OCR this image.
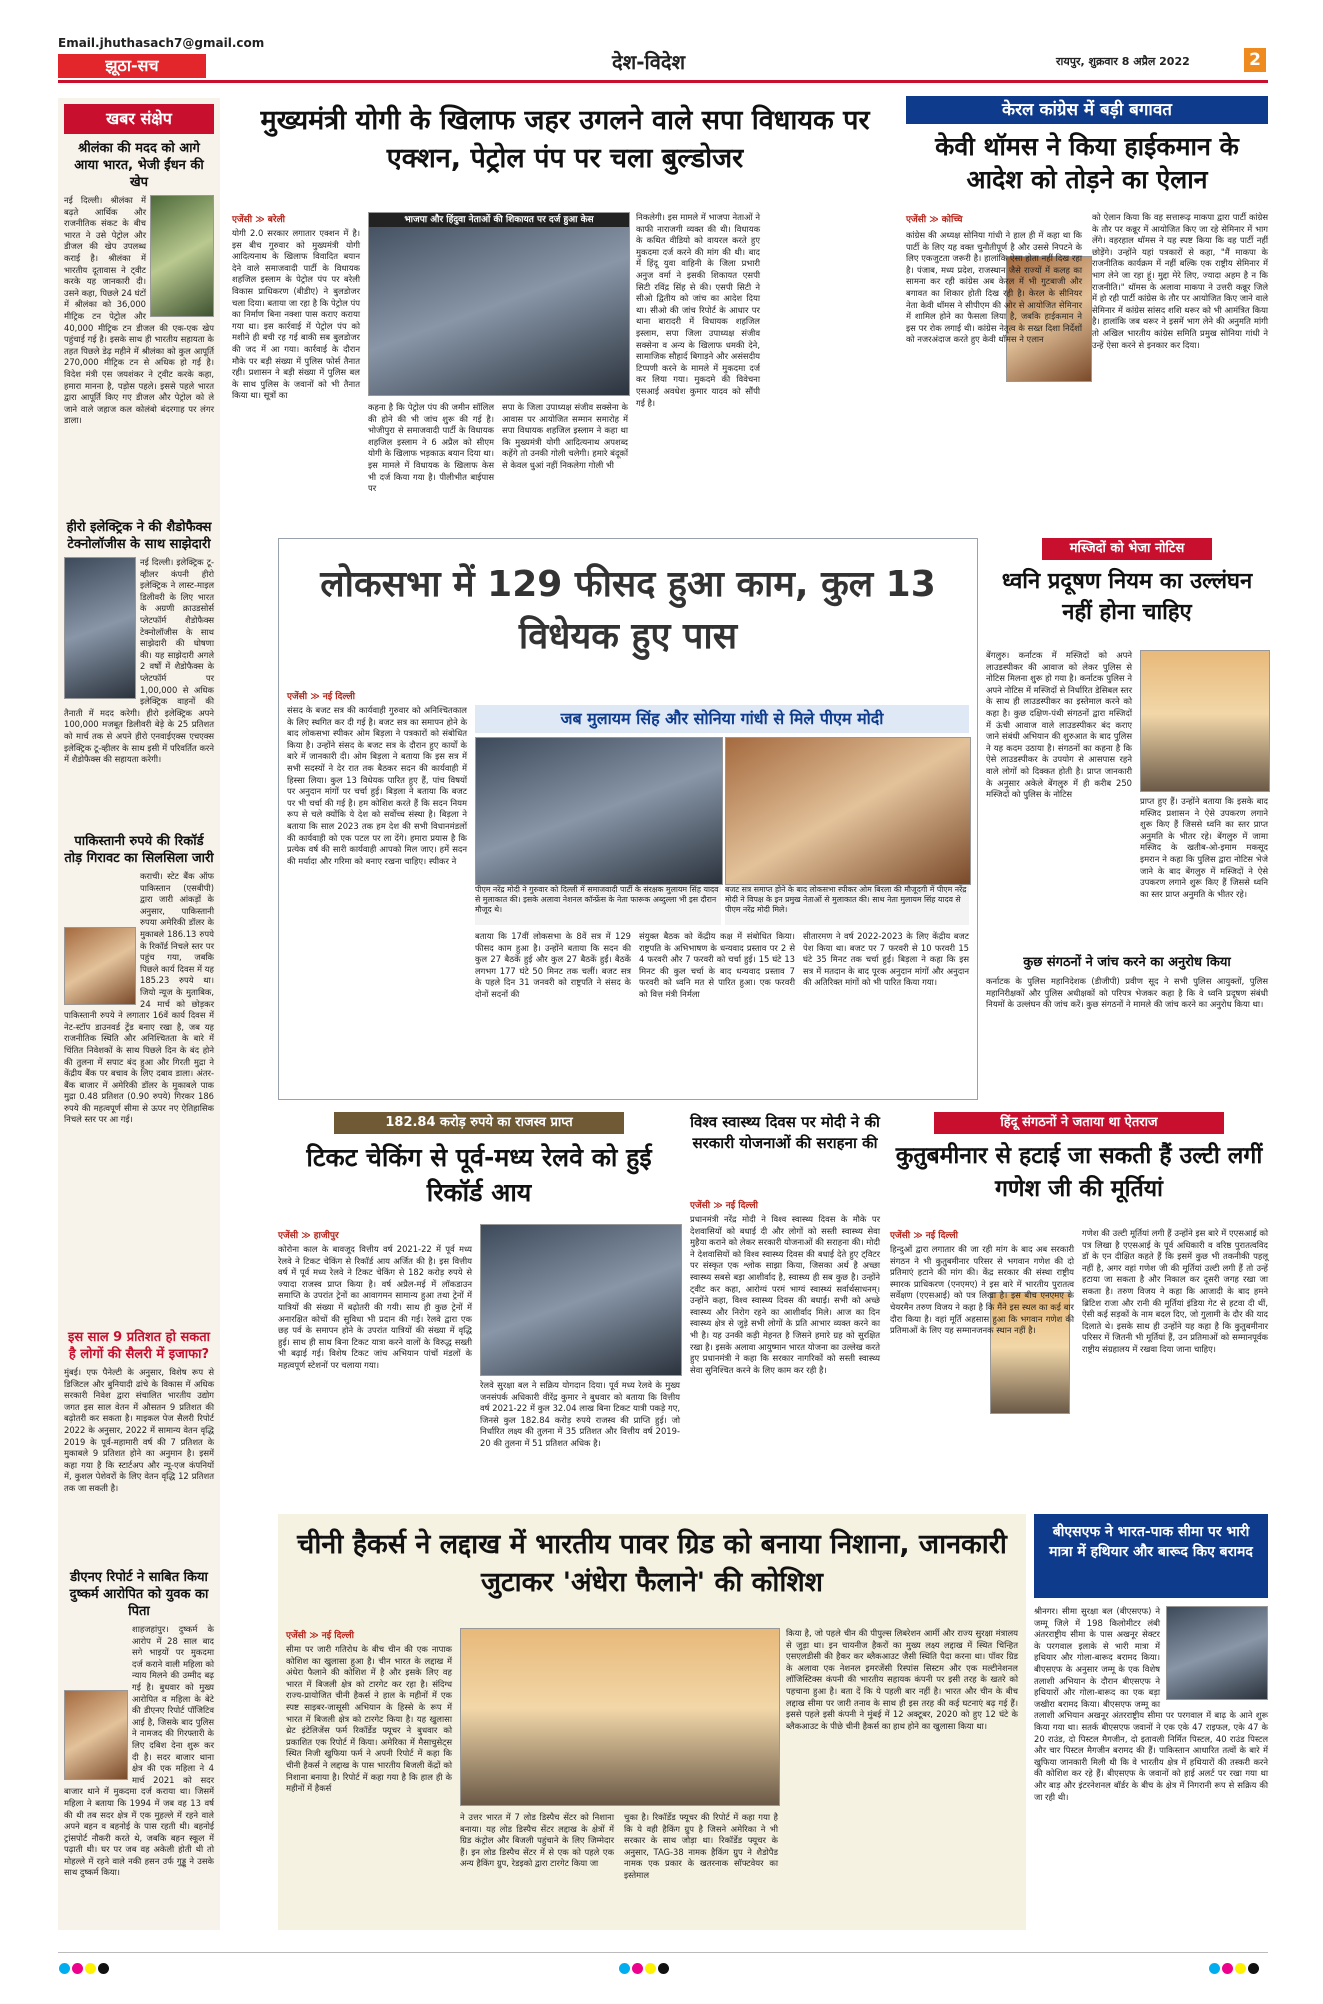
Email.jhuthasach7@gmail.com
झूठा-सच	देश-विदेश	रायपुर, शुक्रवार 8 अप्रैल 2022	2
खबर संक्षेप
श्रीलंका की मदद को आगे आया भारत, भेजी ईंधन की खेप
नई दिल्ली। श्रीलंका में बढ़ते आर्थिक और राजनीतिक संकट के बीच भारत ने उसे पेट्रोल और डीजल की खेप उपलब्ध कराई है। श्रीलंका में भारतीय दूतावास ने ट्वीट करके यह जानकारी दी। उसने कहा, पिछले 24 घंटों में श्रीलंका को 36,000 मीट्रिक टन पेट्रोल और 40,000 मीट्रिक टन डीजल की एक-एक खेप पहुंचाई गई है। इसके साथ ही भारतीय सहायता के तहत पिछले डेढ़ महीने में श्रीलंका को कुल आपूर्ति 270,000 मीट्रिक टन से अधिक हो गई है। विदेश मंत्री एस जयशंकर ने ट्वीट करके कहा, हमारा मानना है, पड़ोस पहले। इससे पहले भारत द्वारा आपूर्ति किए गए डीजल और पेट्रोल को ले जाने वाले जहाज कल कोलंबो बंदरगाह पर लंगर डाला।
हीरो इलेक्ट्रिक ने की शैडोफैक्स टेक्नोलॉजीस के साथ साझेदारी
नई दिल्ली। इलेक्ट्रिक टू-व्हीलर कंपनी हीरो इलेक्ट्रिक ने लास्ट-माइल डिलीवरी के लिए भारत के अग्रणी क्राउडसोर्स प्लेटफॉर्म शैडोफैक्स टेक्नोलॉजीस के साथ साझेदारी की घोषणा की। यह साझेदारी अगले 2 वर्षों में शैडोफैक्स के प्लेटफॉर्म पर 1,00,000 से अधिक इलेक्ट्रिक वाहनों की तैनाती में मदद करेगी। हीरो इलेक्ट्रिक अपने 100,000 मजबूत डिलीवरी बेड़े के 25 प्रतिशत को मार्च तक से अपने हीरो एनवाईएक्स एचएक्स इलेक्ट्रिक टू-व्हीलर के साथ इसी में परिवर्तित करने में शैडोफैक्स की सहायता करेगी।
पाकिस्तानी रुपये की रिकॉर्ड तोड़ गिरावट का सिलसिला जारी
कराची। स्टेट बैंक ऑफ पाकिस्तान (एसबीपी) द्वारा जारी आंकड़ों के अनुसार, पाकिस्तानी रुपया अमेरिकी डॉलर के मुकाबले 186.13 रुपये के रिकॉर्ड निचले स्तर पर पहुंच गया, जबकि पिछले कार्य दिवस में यह 185.23 रुपये था। जियो न्यूज के मुताबिक, 24 मार्च को छोड़कर पाकिस्तानी रुपये ने लगातार 16वें कार्य दिवस में नेट-स्टॉप डाउनवर्ड ट्रेंड बनाए रखा है, जब यह राजनीतिक स्थिति और अनिश्चितता के बारे में चिंतित निवेशकों के साथ पिछले दिन के बंद होने की तुलना में सपाट बंद हुआ और गिरती मुद्रा ने केंद्रीय बैंक पर बचाव के लिए दबाव डाला। अंतर-बैंक बाजार में अमेरिकी डॉलर के मुकाबले पाक मुद्रा 0.48 प्रतिशत (0.90 रुपये) गिरकर 186 रुपये की महत्वपूर्ण सीमा से ऊपर नए ऐतिहासिक निचले स्तर पर आ गई।
इस साल 9 प्रतिशत हो सकता है लोगों की सैलरी में इजाफा?
मुंबई। एफ पैनेल्टी के अनुसार, विशेष रूप से डिजिटल और बुनियादी ढांचे के विकास में अधिक सरकारी निवेश द्वारा संचालित भारतीय उद्योग जगत इस साल वेतन में औसतन 9 प्रतिशत की बढ़ोतरी कर सकता है। माइकल पेज सैलरी रिपोर्ट 2022 के अनुसार, 2022 में सामान्य वेतन वृद्धि 2019 के पूर्व-महामारी वर्ष की 7 प्रतिशत के मुकाबले 9 प्रतिशत होने का अनुमान है। इसमें कहा गया है कि स्टार्टअप और न्यू-एज कंपनियों में, कुशल पेशेवरों के लिए वेतन वृद्धि 12 प्रतिशत तक जा सकती है।
डीएनए रिपोर्ट ने साबित किया दुष्कर्म आरोपित को युवक का पिता
शाहजहांपुर। दुष्कर्म के आरोप में 28 साल बाद सगे भाइयों पर मुकदमा दर्ज कराने वाली महिला को न्याय मिलने की उम्मीद बढ़ गई है। बुधवार को मुख्य आरोपित व महिला के बेटे की डीएनए रिपोर्ट पॉजिटिव आई है, जिसके बाद पुलिस ने नामजद की गिरफ्तारी के लिए दबिश देना शुरू कर दी है। सदर बाजार थाना क्षेत्र की एक महिला ने 4 मार्च 2021 को सदर बाजार थाने में मुकदमा दर्ज कराया था। जिसमें महिला ने बताया कि 1994 में जब वह 13 वर्ष की थी तब सदर क्षेत्र में एक मुहल्ले में रहने वाले अपने बहन व बहनोई के पास रहती थी। बहनोई ट्रांसपोर्ट नौकरी करते थे, जबकि बहन स्कूल में पढ़ाती थी। घर पर जब वह अकेली होती थी तो मोहल्ले में रहने वाले नकी हसन उर्फ गुड्डू ने उसके साथ दुष्कर्म किया।
मुख्यमंत्री योगी के खिलाफ जहर उगलने वाले सपा विधायक पर एक्शन, पेट्रोल पंप पर चला बुल्डोजर
एजेंसी ≫ बरेली
योगी 2.0 सरकार लगातार एक्शन में है। इस बीच गुरुवार को मुख्यमंत्री योगी आदित्यनाथ के खिलाफ विवादित बयान देने वाले समाजवादी पार्टी के विधायक शहजिल इस्लाम के पेट्रोल पंप पर बरेली विकास प्राधिकरण (बीडीए) ने बुलडोजर चला दिया। बताया जा रहा है कि पेट्रोल पंप का निर्माण बिना नक्शा पास कराए कराया गया था। इस कार्रवाई में पेट्रोल पंप को मशीने ही बची रह गई बाकी सब बुलडोजर की जद में आ गया। कार्रवाई के दौरान मौके पर बड़ी संख्या में पुलिस फोर्स तैनात रही। प्रशासन ने बड़ी संख्या में पुलिस बल के साथ पुलिस के जवानों को भी तैनात किया था। सूत्रों का
भाजपा और हिंदुवा नेताओं की शिकायत पर दर्ज हुआ केस
कहना है कि पेट्रोल पंप की जमीन सॉलिल की होने की भी जांच शुरू की गई है। भोजीपुरा से समाजवादी पार्टी के विधायक शहजिल इस्लाम ने 6 अप्रैल को सीएम योगी के खिलाफ भड़काऊ बयान दिया था। इस मामले में विधायक के खिलाफ केस भी दर्ज किया गया है। पीलीभीत बाईपास पर
सपा के जिला उपाध्यक्ष संजीव सक्सेना के आवास पर आयोजित सम्मान समारोह में सपा विधायक शहजिल इस्लाम ने कहा था कि मुख्यमंत्री योगी आदित्यनाथ अपशब्द कहेंगे तो उनकी गोली चलेगी। हमारे बंदूकों से केवल धुआं नहीं निकलेगा गोली भी
निकलेगी। इस मामले में भाजपा नेताओं ने काफी नाराजगी व्यक्त की थी। विधायक के कथित वीडियो को वायरल करते हुए मुकदमा दर्ज करने की मांग की थी। बाद में हिंदू युवा वाहिनी के जिला प्रभारी अनुज वर्मा ने इसकी शिकायत एसपी सिटी रविंद्र सिंह से की। एसपी सिटी ने सीओ द्वितीय को जांच का आदेश दिया था। सीओ की जांच रिपोर्ट के आधार पर थाना बारादरी में विधायक शहजिल इस्लाम, सपा जिला उपाध्यक्ष संजीव सक्सेना व अन्य के खिलाफ धमकी देने, सामाजिक सौहार्द बिगाड़ने और असंसदीय टिप्पणी करने के मामले में मुकदमा दर्ज कर लिया गया। मुकदमे की विवेचना एसआई अवधेश कुमार यादव को सौंपी गई है।
केरल कांग्रेस में बड़ी बगावत
केवी थॉमस ने किया हाईकमान के आदेश को तोड़ने का ऐलान
एजेंसी ≫ कोच्चि
कांग्रेस की अध्यक्ष सोनिया गांधी ने हाल ही में कहा था कि पार्टी के लिए यह वक्त चुनौतीपूर्ण है और उससे निपटने के लिए एकजुटता जरूरी है। हालांकि ऐसा होता नहीं दिख रहा है। पंजाब, मध्य प्रदेश, राजस्थान जैसे राज्यों में कलह का सामना कर रही कांग्रेस अब केरल में भी गुटबाजी और बगावत का शिकार होती दिख रही है। केरल के सीनियर नेता केवी थॉमस ने सीपीएम की ओर से आयोजित सेमिनार में शामिल होने का फैसला लिया है, जबकि हाईकमान ने इस पर रोक लगाई थी। कांग्रेस नेतृत्व के सख्त दिशा निर्देशों को नजरअंदाज करते हुए केवी थॉमस ने एलान
को ऐलान किया कि वह सत्तारूढ़ माकपा द्वारा पार्टी कांग्रेस के तौर पर कन्नूर में आयोजित किए जा रहे सेमिनार में भाग लेंगे। वहरहाल थॉमस ने यह स्पष्ट किया कि वह पार्टी नहीं छोड़ेंगे। उन्होंने यहां पत्रकारों से कहा, "मैं माकपा के राजनीतिक कार्यक्रम में नहीं बल्कि एक राष्ट्रीय सेमिनार में भाग लेने जा रहा हूं। मुद्दा मेरे लिए, ज्यादा अहम है न कि राजनीति।" थॉमस के अलावा माकपा ने उत्तरी कन्नूर जिले में हो रही पार्टी कांग्रेस के तौर पर आयोजित किए जाने वाले सेमिनार में कांग्रेस सांसद शशि थरूर को भी आमंत्रित किया है। हालांकि जब थरूर ने इसमें भाग लेने की अनुमति मांगी तो अखिल भारतीय कांग्रेस समिति प्रमुख सोनिया गांधी ने उन्हें ऐसा करने से इनकार कर दिया।
लोकसभा में 129 फीसद हुआ काम, कुल 13 विधेयक हुए पास
एजेंसी ≫ नई दिल्ली
जब मुलायम सिंह और सोनिया गांधी से मिले पीएम मोदी
पीएम नरेंद्र मोदी ने गुरुवार को दिल्ली में समाजवादी पार्टी के संरक्षक मुलायम सिंह यादव से मुलाकात की। इसके अलावा नेशनल कॉन्फ्रेंस के नेता फारूक अब्दुल्ला भी इस दौरान मौजूद थे।
बजट सत्र समाप्त होने के बाद लोकसभा स्पीकर ओम बिरला की मौजूदगी में पीएम नरेंद्र मोदी ने विपक्ष के इन प्रमुख नेताओं से मुलाकात की। साथ नेता मुलायम सिंह यादव से पीएम नरेंद्र मोदी मिले।
संसद के बजट सत्र की कार्यवाही गुरुवार को अनिश्चितकाल के लिए स्थगित कर दी गई है। बजट सत्र का समापन होने के बाद लोकसभा स्पीकर ओम बिड़ला ने पत्रकारों को संबोधित किया है। उन्होंने संसद के बजट सत्र के दौरान हुए कार्यों के बारे में जानकारी दी। ओम बिड़ला ने बताया कि इस सत्र में सभी सदस्यों ने देर रात तक बैठकर सदन की कार्यवाही में हिस्सा लिया। कुल 13 विधेयक पारित हुए हैं, पांच विषयों पर अनुदान मांगों पर चर्चा हुई। बिड़ला ने बताया कि बजट पर भी चर्चा की गई है। हम कोशिश करते हैं कि सदन नियम रूप से चले क्योंकि ये देश को सर्वोच्च संस्था है। बिड़ला ने बताया कि साल 2023 तक हम देश की सभी विधानमंडलों की कार्यवाही को एक पटल पर ला देंगे। हमारा प्रयास है कि प्रत्येक वर्ष की सारी कार्यवाही आपको मिल जाए। हमें सदन की मर्यादा और गरिमा को बनाए रखना चाहिए। स्पीकर ने
बताया कि 17वीं लोकसभा के 8वें सत्र में 129 फीसद काम हुआ है। उन्होंने बताया कि सदन की कुल 27 बैठकें हुई और कुल 27 बैठकें हुईं। बैठकें लगभग 177 घंटे 50 मिनट तक चलीं। बजट सत्र के पहले दिन 31 जनवरी को राष्ट्रपति ने संसद के दोनों सदनों की
संयुक्त बैठक को केंद्रीय कक्ष में संबोधित किया। राष्ट्रपति के अभिभाषण के धन्यवाद प्रस्ताव पर 2 से 4 फरवरी और 7 फरवरी को चर्चा हुई। 15 घंटे 13 मिनट की कुल चर्चा के बाद धन्यवाद प्रस्ताव 7 फरवरी को ध्वनि मत से पारित हुआ। एक फरवरी को वित्त मंत्री निर्मला
सीतारमण ने वर्ष 2022-2023 के लिए केंद्रीय बजट पेश किया था। बजट पर 7 फरवरी से 10 फरवरी 15 घंटे 35 मिनट तक चर्चा हुई। बिड़ला ने कहा कि इस सत्र में मतदान के बाद पूरक अनुदान मांगों और अनुदान की अतिरिक्त मांगों को भी पारित किया गया।
मस्जिदों को भेजा नोटिस
ध्वनि प्रदूषण नियम का उल्लंघन नहीं होना चाहिए
बेंगलुरु। कर्नाटक में मस्जिदों को अपने लाउडस्पीकर की आवाज को लेकर पुलिस से नोटिस मिलना शुरू हो गया है। कर्नाटक पुलिस ने अपने नोटिस में मस्जिदों से निर्धारित डेसिबल स्तर के साथ ही लाउडस्पीकर का इस्तेमाल करने को कहा है। कुछ दक्षिण-पंथी संगठनों द्वारा मस्जिदों में ऊंची आवाज वाले लाउडस्पीकर बंद कराए जाने संबंधी अभियान की शुरुआत के बाद पुलिस ने यह कदम उठाया है। संगठनों का कहना है कि ऐसे लाउडस्पीकर के उपयोग से आसपास रहने वाले लोगों को दिक्कत होती है। प्राप्त जानकारी के अनुसार अकेले बेंगलुरु में ही करीब 250 मस्जिदों को पुलिस के नोटिस
प्राप्त हुए हैं। उन्होंने बताया कि इसके बाद मस्जिद प्रशासन ने ऐसे उपकरण लगाने शुरू किए हैं जिससे ध्वनि का स्तर प्राप्त अनुमति के भीतर रहे। बेंगलुरु में जामा मस्जिद के खतीब-ओ-इमाम मकसूद इमरान ने कहा कि पुलिस द्वारा नोटिस भेजे जाने के बाद बेंगलुरु में मस्जिदों ने ऐसे उपकरण लगाने शुरू किए हैं जिससे ध्वनि का स्तर प्राप्त अनुमति के भीतर रहे।
कुछ संगठनों ने जांच करने का अनुरोध किया
कर्नाटक के पुलिस महानिदेशक (डीजीपी) प्रवीण सूद ने सभी पुलिस आयुक्तों, पुलिस महानिरीक्षकों और पुलिस अधीक्षकों को परिपत्र भेजकर कहा है कि वे ध्वनि प्रदूषण संबंधी नियमों के उल्लंघन की जांच करें। कुछ संगठनों ने मामले की जांच करने का अनुरोध किया था।
182.84 करोड़ रुपये का राजस्व प्राप्त
टिकट चेकिंग से पूर्व-मध्य रेलवे को हुई रिकॉर्ड आय
एजेंसी ≫ हाजीपुर
कोरोना काल के बावजूद वित्तीय वर्ष 2021-22 में पूर्व मध्य रेलवे ने टिकट चेकिंग से रिकॉर्ड आय अर्जित की है। इस वित्तीय वर्ष में पूर्व मध्य रेलवे ने टिकट चेकिंग से 182 करोड़ रुपये से ज्यादा राजस्व प्राप्त किया है। वर्ष अप्रैल-मई में लॉकडाउन समाप्ति के उपरांत ट्रेनों का आवागमन सामान्य हुआ तथा ट्रेनों में यात्रियों की संख्या में बढ़ोतरी की गयी। साथ ही कुछ ट्रेनों में अनारक्षित कोचों की सुविधा भी प्रदान की गई। रेलवे द्वारा एक छह पर्व के समापन होने के उपरांत यात्रियों की संख्या में वृद्धि हुई। साथ ही साथ बिना टिकट यात्रा करने वालों के विरुद्ध सख्ती भी बढ़ाई गई। विशेष टिकट जांच अभियान पांचों मंडलों के महत्वपूर्ण स्टेशनों पर चलाया गया।
रेलवे सुरक्षा बल ने सक्रिय योगदान दिया। पूर्व मध्य रेलवे के मुख्य जनसंपर्क अधिकारी वीरेंद्र कुमार ने बुधवार को बताया कि वित्तीय वर्ष 2021-22 में कुल 32.04 लाख बिना टिकट यात्री पकड़े गए, जिनसे कुल 182.84 करोड़ रुपये राजस्व की प्राप्ति हुई। जो निर्धारित लक्ष्य की तुलना में 35 प्रतिशत और वित्तीय वर्ष 2019-20 की तुलना में 51 प्रतिशत अधिक है।
विश्व स्वास्थ्य दिवस पर मोदी ने की सरकारी योजनाओं की सराहना की
एजेंसी ≫ नई दिल्ली
प्रधानमंत्री नरेंद्र मोदी ने विश्व स्वास्थ्य दिवस के मौके पर देशवासियों को बधाई दी और लोगों को सस्ती स्वास्थ्य सेवा मुहैया कराने को लेकर सरकारी योजनाओं की सराहना की। मोदी ने देशवासियों को विश्व स्वास्थ्य दिवस की बधाई देते हुए ट्विटर पर संस्कृत एक श्लोक साझा किया, जिसका अर्थ है अच्छा स्वास्थ्य सबसे बड़ा आशीर्वाद है, स्वास्थ्य ही सब कुछ है। उन्होंने ट्वीट कर कहा, आरोग्यं परमं भाग्यं स्वास्थ्यं सर्वार्थसाधनम्। उन्होंने कहा, विश्व स्वास्थ्य दिवस की बधाई। सभी को अच्छे स्वास्थ्य और निरोग रहने का आशीर्वाद मिले। आज का दिन स्वास्थ्य क्षेत्र से जुड़े सभी लोगों के प्रति आभार व्यक्त करने का भी है। यह उनकी कड़ी मेहनत है जिसने हमारे ग्रह को सुरक्षित रखा है। इसके अलावा आयुष्मान भारत योजना का उल्लेख करते हुए प्रधानमंत्री ने कहा कि सरकार नागरिकों को सस्ती स्वास्थ्य सेवा सुनिश्चित करने के लिए काम कर रही है।
हिंदू संगठनों ने जताया था ऐतराज
कुतुबमीनार से हटाई जा सकती हैं उल्टी लगीं गणेश जी की मूर्तियां
एजेंसी ≫ नई दिल्ली
हिन्दुओं द्वारा लगातार की जा रही मांग के बाद अब सरकारी संगठन ने भी कुतुबमीनार परिसर से भगवान गणेश की दो प्रतिमाएं हटाने की मांग की। केंद्र सरकार की संस्था राष्ट्रीय स्मारक प्राधिकरण (एनएमए) ने इस बारे में भारतीय पुरातत्व सर्वेक्षण (एएसआई) को पत्र लिखा है। इस बीच एनएमए के चेयरमैन तरुण विजय ने कहा है कि मैंने इस स्थल का कई बार दौरा किया है। वहां मूर्ति अहसास हुआ कि भगवान गणेश की प्रतिमाओं के लिए यह सम्मानजनक स्थान नहीं है।
गणेश की उल्टी मूर्तियां लगी हैं उन्होंने इस बारे में एएसआई को पत्र लिखा है एएसआई के पूर्व अधिकारी व वरिष्ठ पुरातत्वविद डॉ के एन दीक्षित कहते हैं कि इसमें कुछ भी तकनीकी पहलू नहीं है, अगर वहां गणेश जी की मूर्तियां उल्टी लगी हैं तो उन्हें हटाया जा सकता है और निकाल कर दूसरी जगह रखा जा सकता है। तरुण विजय ने कहा कि आजादी के बाद हमने ब्रिटिश राजा और रानी की मूर्तियां इंडिया गेट से हटवा दी थीं, ऐसी कई सड़कों के नाम बदल दिए, जो गुलामी के दौर की याद दिलाते थे। इसके साथ ही उन्होंने यह कहा है कि कुतुबमीनार परिसर में जितनी भी मूर्तियां हैं, उन प्रतिमाओं को सम्मानपूर्वक राष्ट्रीय संग्रहालय में रखवा दिया जाना चाहिए।
चीनी हैकर्स ने लद्दाख में भारतीय पावर ग्रिड को बनाया निशाना, जानकारी जुटाकर 'अंधेरा फैलाने' की कोशिश
एजेंसी ≫ नई दिल्ली
सीमा पर जारी गतिरोध के बीच चीन की एक नापाक कोशिश का खुलासा हुआ है। चीन भारत के लद्दाख में अंधेरा फैलाने की कोशिश में है और इसके लिए वह भारत में बिजली क्षेत्र को टारगेट कर रहा है। संदिग्ध राज्य-प्रायोजित चीनी हैकर्स ने हाल के महीनों में एक स्पष्ट साइबर-जासूसी अभियान के हिस्से के रूप में भारत में बिजली क्षेत्र को टारगेट किया है। यह खुलासा थ्रेट इंटेलिजेंस फर्म रिकॉर्डेड फ्यूचर ने बुधवार को प्रकाशित एक रिपोर्ट में किया। अमेरिका में मैसाचुसेट्स स्थित निजी खुफिया फर्म ने अपनी रिपोर्ट में कहा कि चीनी हैकर्स ने लद्दाख के पास भारतीय बिजली केंद्रों को निशाना बनाया है। रिपोर्ट में कहा गया है कि हाल ही के महीनों में हैकर्स
ने उत्तर भारत में 7 लोड डिस्पैच सेंटर को निशाना बनाया। यह लोड डिस्पैच सेंटर लद्दाख के क्षेत्रों में ग्रिड कंट्रोल और बिजली पहुंचाने के लिए जिम्मेदार हैं। इन लोड डिस्पैच सेंटर में से एक को पहले एक अन्य हैकिंग ग्रुप, रेडइको द्वारा टारगेट किया जा
चुका है। रिकॉर्डेड फ्यूचर की रिपोर्ट में कहा गया है कि ये वही हैकिंग ग्रुप है जिसने अमेरिका ने भी सरकार के साथ जोड़ा था। रिकॉर्डेड फ्यूचर के अनुसार, TAG-38 नामक हैकिंग ग्रुप ने शैडोपैड नामक एक प्रकार के खतरनाक सॉफ्टवेयर का इस्तेमाल
किया है, जो पहले चीन की पीपुल्स लिबरेशन आर्मी और राज्य सुरक्षा मंत्रालय से जुड़ा था। इन चायनीज हैकरों का मुख्य लक्ष्य लद्दाख में स्थित चिन्हित एसएलडीसी की हैकर कर ब्लैकआउट जैसी स्थिति पैदा करना था। पॉवर ग्रिड के अलावा एक नेशनल इमरजेंसी रिस्पांस सिस्टम और एक मल्टीनेशनल लॉजिस्टिक्स कंपनी की भारतीय सहायक कंपनी पर इसी तरह के खतरे को पहचाना हुआ है। बता दें कि ये पहली बार नहीं है। भारत और चीन के बीच लद्दाख सीमा पर जारी तनाव के साथ ही इस तरह की कई घटनाएं बढ़ गई हैं। इससे पहले इसी कंपनी ने मुंबई में 12 अक्टूबर, 2020 को हुए 12 घंटे के ब्लैकआउट के पीछे चीनी हैकर्स का हाथ होने का खुलासा किया था।
बीएसएफ ने भारत-पाक सीमा पर भारी मात्रा में हथियार और बारूद किए बरामद
श्रीनगर। सीमा सुरक्षा बल (बीएसएफ) ने जम्मू जिले में 198 किलोमीटर लंबी अंतरराष्ट्रीय सीमा के पास अखनूर सेक्टर के परगवाल इलाके से भारी मात्रा में हथियार और गोला-बारूद बरामद किया। बीएसएफ के अनुसार जम्मू के एक विशेष तलाशी अभियान के दौरान बीएसएफ ने हथियारों और गोला-बारूद का एक बड़ा जखीरा बरामद किया। बीएसएफ जम्मू का तलाशी अभियान अखनूर अंतरराष्ट्रीय सीमा पर परगवाल में बाढ़ के आने शुरू किया गया था। सतर्क बीएसएफ जवानों ने एक एके 47 राइफल, एके 47 के 20 राउंड, दो पिस्टल मैगजीन, दो इतावली निर्मित पिस्टल, 40 राउंड पिस्टल और चार पिस्टल मैगजीन बरामद की हैं। पाकिस्तान आधारित तत्वों के बारे में खुफिया जानकारी मिली थी कि वे भारतीय क्षेत्र में हथियारों की तस्करी करने की कोशिश कर रहे हैं। बीएसएफ के जवानों को हाई अलर्ट पर रखा गया था और बाड़ और इंटरनेशनल बॉर्डर के बीच के क्षेत्र में निगरानी रूप से सक्रिय की जा रही थी।
